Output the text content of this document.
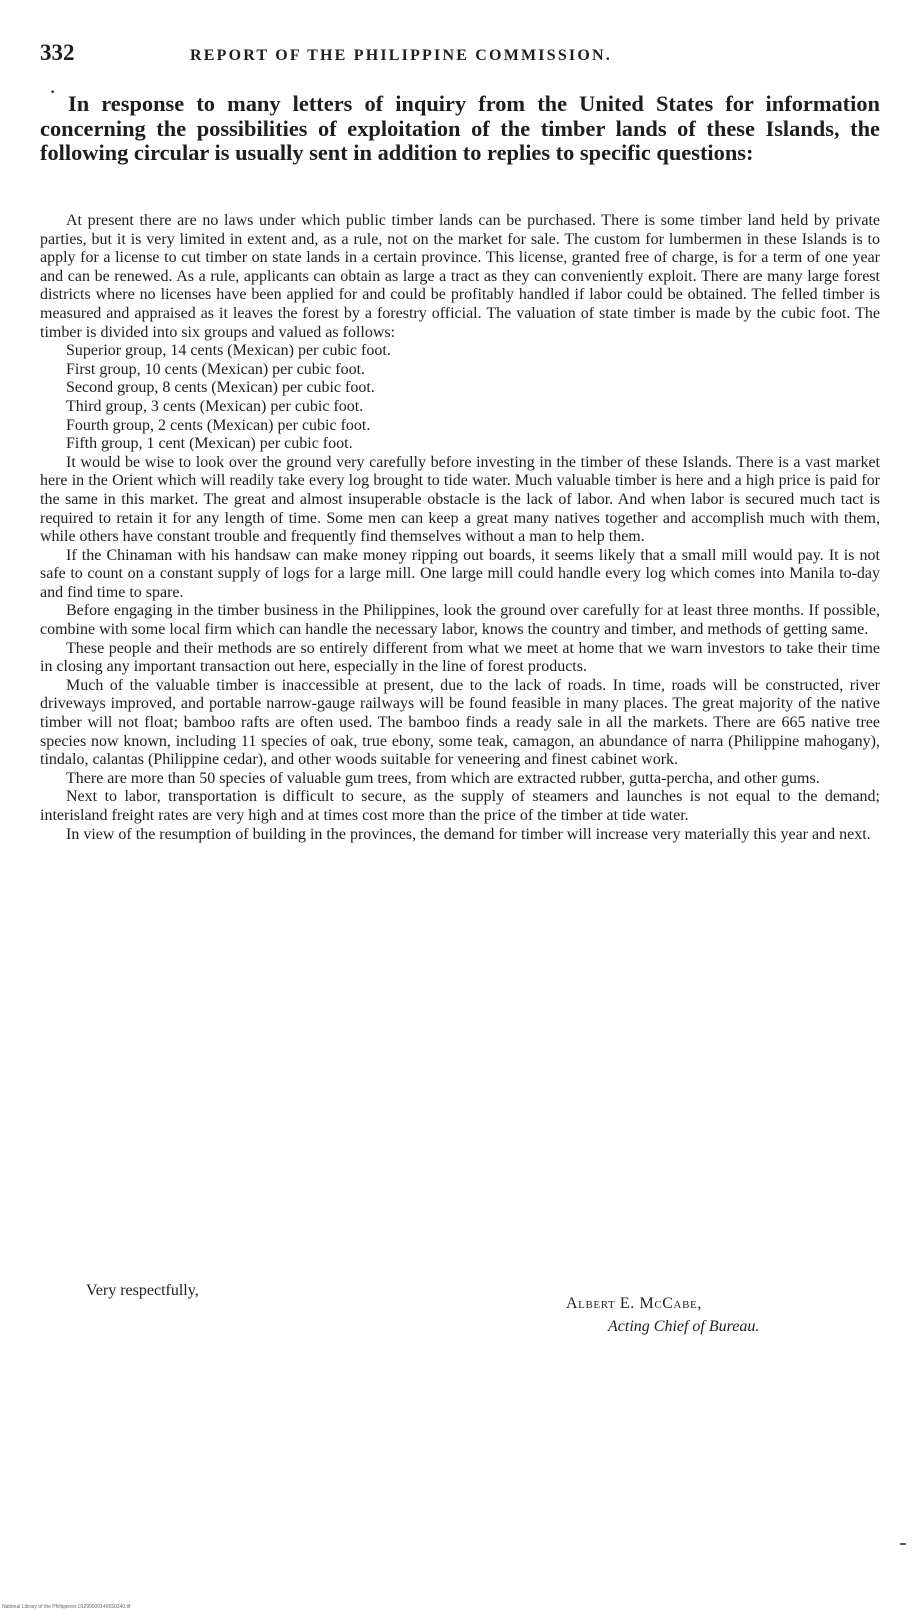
332	REPORT OF THE PHILIPPINE COMMISSION.
· In response to many letters of inquiry from the United States for information concerning the possibilities of exploitation of the timber lands of these Islands, the following circular is usually sent in addition to replies to specific questions:

At present there are no laws under which public timber lands can be purchased. There is some timber land held by private parties, but it is very limited in extent and, as a rule, not on the market for sale. The custom for lumbermen in these Islands is to apply for a license to cut timber on state lands in a certain province. This license, granted free of charge, is for a term of one year and can be renewed. As a rule, applicants can obtain as large a tract as they can conveniently exploit. There are many large forest districts where no licenses have been applied for and could be profitably handled if labor could be obtained. The felled timber is measured and appraised as it leaves the forest by a forestry official. The valuation of state timber is made by the cubic foot. The timber is divided into six groups and valued as follows:

Superior group, 14 cents (Mexican) per cubic foot.

First group, 10 cents (Mexican) per cubic foot.

Second group, 8 cents (Mexican) per cubic foot.

Third group, 3 cents (Mexican) per cubic foot.

Fourth group, 2 cents (Mexican) per cubic foot.

Fifth group, 1 cent (Mexican) per cubic foot.

It would be wise to look over the ground very carefully before investing in the timber of these Islands. There is a vast market here in the Orient which will readily take every log brought to tide water. Much valuable timber is here and a high price is paid for the same in this market. The great and almost insuperable obstacle is the lack of labor. And when labor is secured much tact is required to retain it for any length of time. Some men can keep a great many natives together and accomplish much with them, while others have constant trouble and frequently find themselves without a man to help them.

If the Chinaman with his handsaw can make money ripping out boards, it seems likely that a small mill would pay. It is not safe to count on a constant supply of logs for a large mill. One large mill could handle every log which comes into Manila to-day and find time to spare.

Before engaging in the timber business in the Philippines, look the ground over carefully for at least three months. If possible, combine with some local firm which can handle the necessary labor, knows the country and timber, and methods of getting same.

These people and their methods are so entirely different from what we meet at home that we warn investors to take their time in closing any important transaction out here, especially in the line of forest products.

Much of the valuable timber is inaccessible at present, due to the lack of roads. In time, roads will be constructed, river driveways improved, and portable narrow-gauge railways will be found feasible in many places. The great majority of the native timber will not float; bamboo rafts are often used. The bamboo finds a ready sale in all the markets. There are 665 native tree species now known, including 11 species of oak, true ebony, some teak, camagon, an abundance of narra (Philippine mahogany), tindalo, calantas (Philippine cedar), and other woods suitable for veneering and finest cabinet work.

There are more than 50 species of valuable gum trees, from which are extracted rubber, gutta-percha, and other gums.

Next to labor, transportation is difficult to secure, as the supply of steamers and launches is not equal to the demand; interisland freight rates are very high and at times cost more than the price of the timber at tide water.

In view of the resumption of building in the provinces, the demand for timber will increase very materially this year and next.

Very respectfully,
Albert E. McCabe,
Acting Chief of Bureau.
National Library of the Philippines 01299000149650340.tif
